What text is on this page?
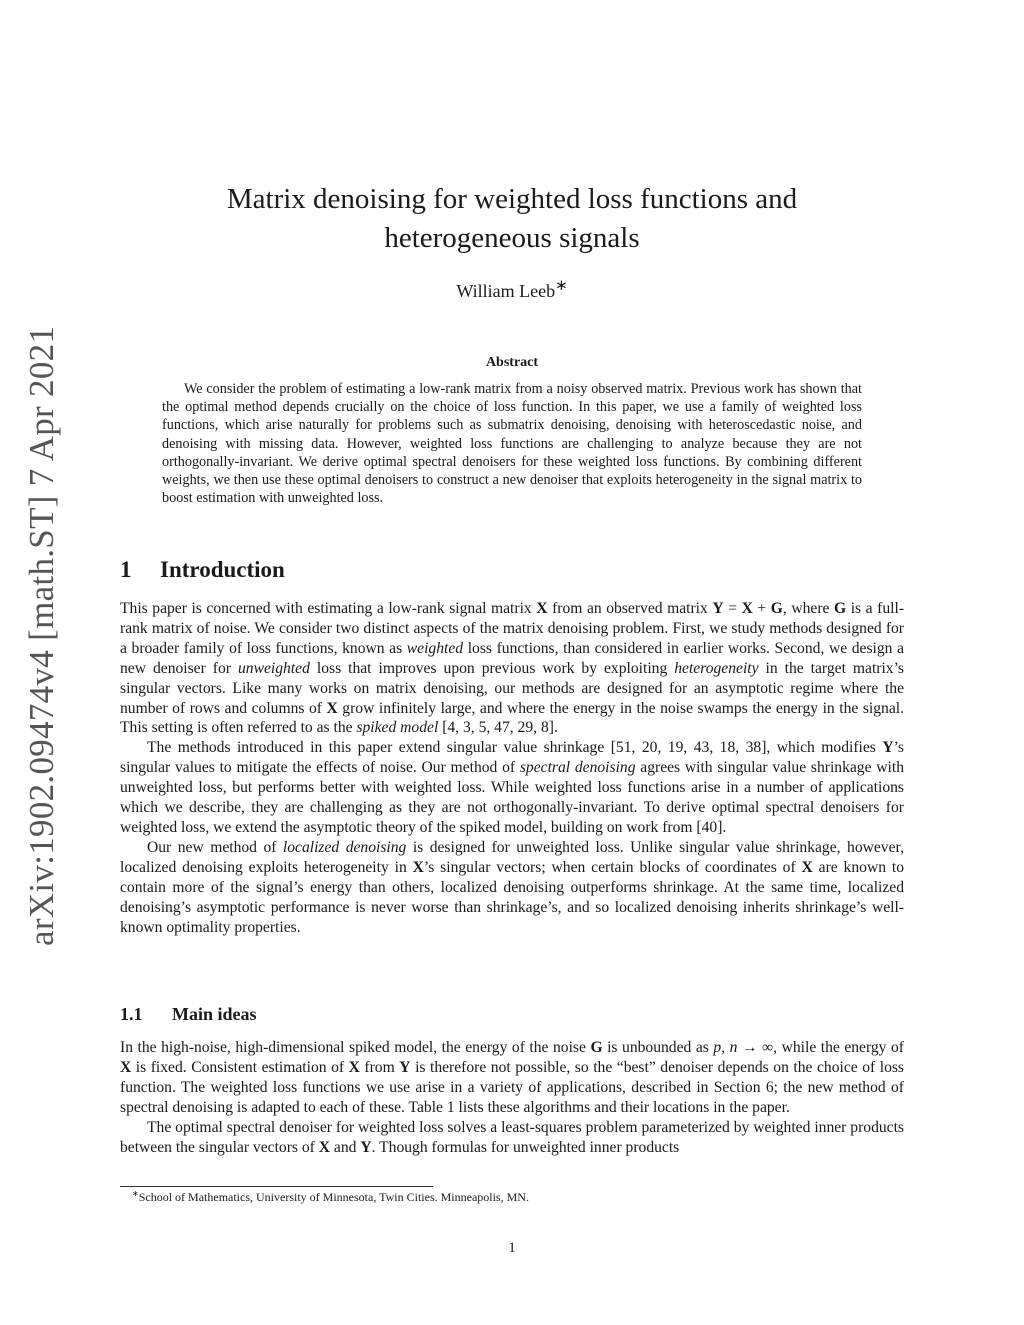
arXiv:1902.09474v4 [math.ST] 7 Apr 2021
Matrix denoising for weighted loss functions and
heterogeneous signals
William Leeb∗
Abstract

We consider the problem of estimating a low-rank matrix from a noisy observed matrix. Previous work has shown that the optimal method depends crucially on the choice of loss function. In this paper, we use a family of weighted loss functions, which arise naturally for problems such as submatrix denoising, denoising with heteroscedastic noise, and denoising with missing data. However, weighted loss functions are challenging to analyze because they are not orthogonally-invariant. We derive optimal spectral denoisers for these weighted loss functions. By combining different weights, we then use these optimal denoisers to construct a new denoiser that exploits heterogeneity in the signal matrix to boost estimation with unweighted loss.

1 Introduction

This paper is concerned with estimating a low-rank signal matrix X from an observed matrix Y = X + G, where G is a full-rank matrix of noise. We consider two distinct aspects of the matrix denoising problem. First, we study methods designed for a broader family of loss functions, known as weighted loss functions, than considered in earlier works. Second, we design a new denoiser for unweighted loss that improves upon previous work by exploiting heterogeneity in the target matrix’s singular vectors. Like many works on matrix denoising, our methods are designed for an asymptotic regime where the number of rows and columns of X grow infinitely large, and where the energy in the noise swamps the energy in the signal. This setting is often referred to as the spiked model [4, 3, 5, 47, 29, 8].

The methods introduced in this paper extend singular value shrinkage [51, 20, 19, 43, 18, 38], which modifies Y’s singular values to mitigate the effects of noise. Our method of spectral denoising agrees with singular value shrinkage with unweighted loss, but performs better with weighted loss. While weighted loss functions arise in a number of applications which we describe, they are challenging as they are not orthogonally-invariant. To derive optimal spectral denoisers for weighted loss, we extend the asymptotic theory of the spiked model, building on work from [40].

Our new method of localized denoising is designed for unweighted loss. Unlike singular value shrinkage, however, localized denoising exploits heterogeneity in X’s singular vectors; when certain blocks of coordinates of X are known to contain more of the signal’s energy than others, localized denoising outperforms shrinkage. At the same time, localized denoising’s asymptotic performance is never worse than shrinkage’s, and so localized denoising inherits shrinkage’s well-known optimality properties.

1.1 Main ideas

In the high-noise, high-dimensional spiked model, the energy of the noise G is unbounded as p, n → ∞, while the energy of X is fixed. Consistent estimation of X from Y is therefore not possible, so the “best” denoiser depends on the choice of loss function. The weighted loss functions we use arise in a variety of applications, described in Section 6; the new method of spectral denoising is adapted to each of these. Table 1 lists these algorithms and their locations in the paper.

The optimal spectral denoiser for weighted loss solves a least-squares problem parameterized by weighted inner products between the singular vectors of X and Y. Though formulas for unweighted inner products

∗School of Mathematics, University of Minnesota, Twin Cities. Minneapolis, MN.
1
